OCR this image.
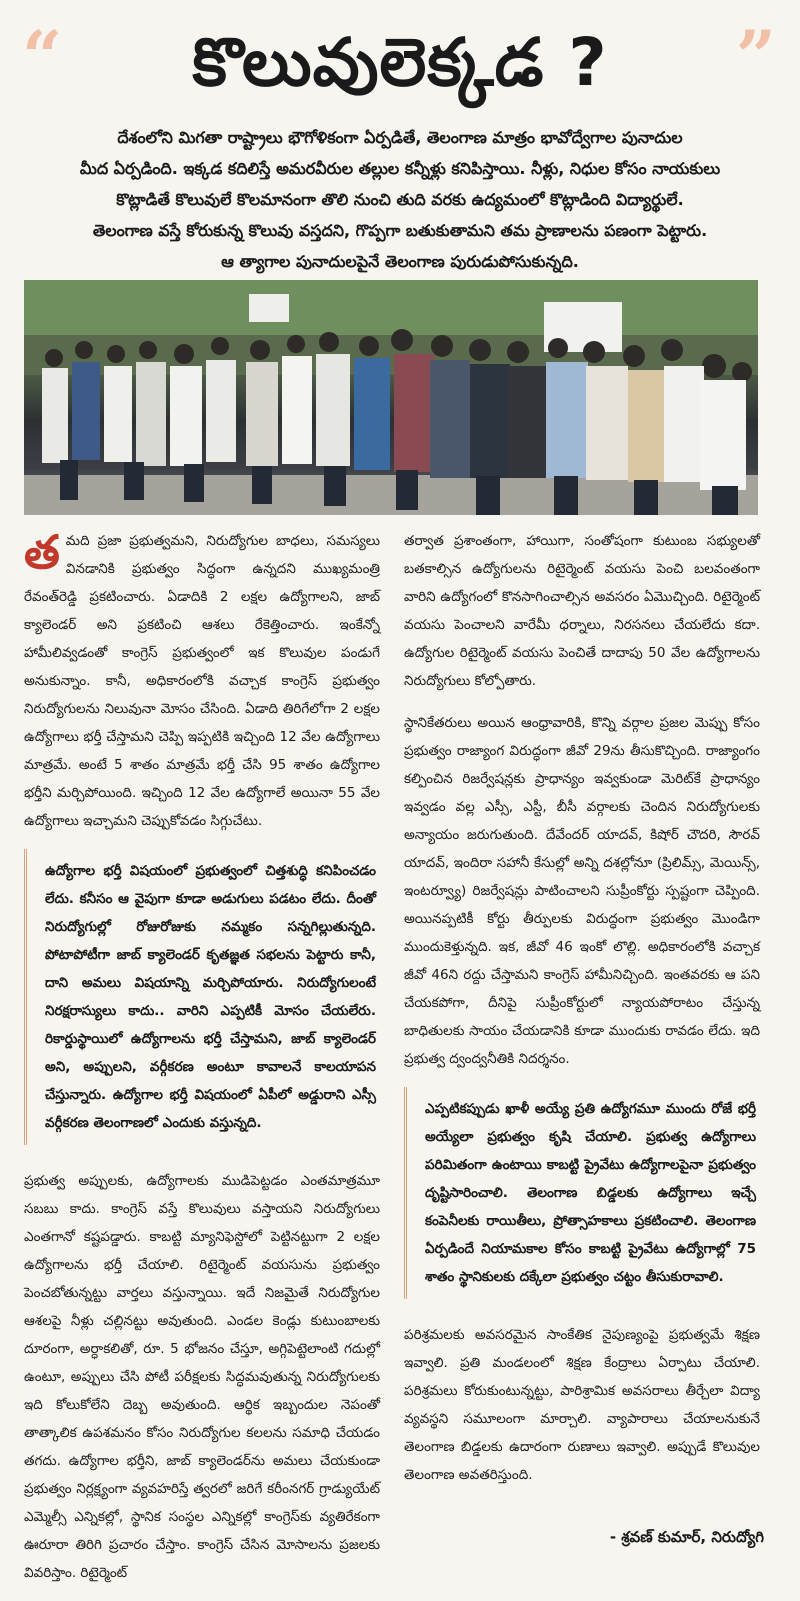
“	కొలువులెక్కడ ?	”

దేశంలోని మిగతా రాష్ట్రాలు భౌగోళికంగా ఏర్పడితే, తెలంగాణ మాత్రం భావోద్వేగాల పునాదుల

మీద ఏర్పడింది. ఇక్కడ కదిలిస్తే అమరవీరుల తల్లుల కన్నీళ్లు కనిపిస్తాయి. నీళ్లు, నిధుల కోసం నాయకులు

కొట్లాడితే కొలువులే కొలమానంగా తొలి నుంచి తుది వరకు ఉద్యమంలో కొట్లాడింది విద్యార్థులే.

తెలంగాణ వస్తే కోరుకున్న కొలువు వస్తదని, గొప్పగా బతుకుతామని తమ ప్రాణాలను పణంగా పెట్టారు.

ఆ త్యాగాల పునాదులపైనే తెలంగాణ పురుడుపోసుకున్నది.

తమది ప్రజా ప్రభుత్వమని, నిరుద్యోగుల బాధలు, సమస్యలు వినడానికి ప్రభుత్వం సిద్ధంగా ఉన్నదని ముఖ్యమంత్రి రేవంత్‌రెడ్డి ప్రకటించారు. ఏడాదికి 2 లక్షల ఉద్యోగాలని, జాబ్ క్యాలెండర్ అని ప్రకటించి ఆశలు రేకెత్తించారు. ఇంకేన్నో హామీలివ్వడంతో కాంగ్రెస్ ప్రభుత్వంలో ఇక కొలువుల పండుగే అనుకున్నాం. కానీ, అధికారంలోకి వచ్చాక కాంగ్రెస్ ప్రభుత్వం నిరుద్యోగులను నిలువునా మోసం చేసింది. ఏడాది తిరిగేలోగా 2 లక్షల ఉద్యోగాలు భర్తీ చేస్తామని చెప్పి ఇప్పటికి ఇచ్చింది 12 వేల ఉద్యోగాలు మాత్రమే. అంటే 5 శాతం మాత్రమే భర్తీ చేసి 95 శాతం ఉద్యోగాల భర్తీని మర్చిపోయింది. ఇచ్చింది 12 వేల ఉద్యోగాలే అయినా 55 వేల ఉద్యోగాలు ఇచ్చామని చెప్పుకోవడం సిగ్గుచేటు.

ఉద్యోగాల భర్తీ విషయంలో ప్రభుత్వంలో చిత్తశుద్ధి కనిపించడం లేదు. కనీసం ఆ వైపుగా కూడా అడుగులు పడటం లేదు. దీంతో నిరుద్యోగుల్లో రోజురోజుకు నమ్మకం సన్నగిల్లుతున్నది. పోటాపోటీగా జాబ్ క్యాలెండర్ కృతజ్ఞత సభలను పెట్టారు కానీ, దాని అమలు విషయాన్ని మర్చిపోయారు. నిరుద్యోగులంటే నిరక్షరాస్యులు కాదు.. వారిని ఎప్పటికీ మోసం చేయలేరు. రికార్డుస్థాయిలో ఉద్యోగాలను భర్తీ చేస్తామని, జాబ్ క్యాలెండర్ అని, అప్పులని, వర్గీకరణ అంటూ కావాలనే కాలయాపన చేస్తున్నారు. ఉద్యోగాల భర్తీ విషయంలో ఏపీలో అడ్డురాని ఎస్సీ వర్గీకరణ తెలంగాణలో ఎందుకు వస్తున్నది.

ప్రభుత్వ అప్పులకు, ఉద్యోగాలకు ముడిపెట్టడం ఎంతమాత్రమూ సబబు కాదు. కాంగ్రెస్ వస్తే కొలువులు వస్తాయని నిరుద్యోగులు ఎంతగానో కష్టపడ్డారు. కాబట్టి మ్యానిఫెస్టోలో పెట్టినట్టుగా 2 లక్షల ఉద్యోగాలను భర్తీ చేయాలి. రిటైర్మెంట్ వయసును ప్రభుత్వం పెంచబోతున్నట్టు వార్తలు వస్తున్నాయి. ఇదే నిజమైతే నిరుద్యోగుల ఆశలపై నీళ్లు చల్లినట్టు అవుతుంది. ఎండల కెండ్లు కుటుంబాలకు దూరంగా, అర్ధాకలితో, రూ. 5 భోజనం చేస్తూ, అగ్గిపెట్టెలాంటి గదుల్లో ఉంటూ, అప్పులు చేసి పోటీ పరీక్షలకు సిద్ధమవుతున్న నిరుద్యోగులకు ఇది కోలుకోలేని దెబ్బ అవుతుంది. ఆర్థిక ఇబ్బందుల నెపంతో తాత్కాలిక ఉపశమనం కోసం నిరుద్యోగుల కలలను సమాధి చేయడం తగదు. ఉద్యోగాల భర్తీని, జాబ్ క్యాలెండర్‌ను అమలు చేయకుండా ప్రభుత్వం నిర్లక్ష్యంగా వ్యవహరిస్తే త్వరలో జరిగే కరీంనగర్ గ్రాడ్యుయేట్ ఎమ్మెల్సీ ఎన్నికల్లో, స్థానిక సంస్థల ఎన్నికల్లో కాంగ్రెస్‌కు వ్యతిరేకంగా ఊరూరా తిరిగి ప్రచారం చేస్తాం. కాంగ్రెస్ చేసిన మోసాలను ప్రజలకు వివరిస్తాం. రిటైర్మెంట్

తర్వాత ప్రశాంతంగా, హాయిగా, సంతోషంగా కుటుంబ సభ్యులతో బతకాల్సిన ఉద్యోగులను రిటైర్మెంట్ వయసు పెంచి బలవంతంగా వారిని ఉద్యోగంలో కొనసాగించాల్సిన అవసరం ఏమొచ్చింది. రిటైర్మెంట్ వయసు పెంచాలని వారేమీ ధర్నాలు, నిరసనలు చేయలేదు కదా. ఉద్యోగుల రిటైర్మెంట్ వయసు పెంచితే దాదాపు 50 వేల ఉద్యోగాలను నిరుద్యోగులు కోల్పోతారు.

స్థానికేతరులు అయిన ఆంధ్రావారికి, కొన్ని వర్గాల ప్రజల మెప్పు కోసం ప్రభుత్వం రాజ్యాంగ విరుద్ధంగా జీవో 29ను తీసుకొచ్చింది. రాజ్యాంగం కల్పించిన రిజర్వేషన్లకు ప్రాధాన్యం ఇవ్వకుండా మెరిట్‌కే ప్రాధాన్యం ఇవ్వడం వల్ల ఎస్సీ, ఎస్టీ, బీసీ వర్గాలకు చెందిన నిరుద్యోగులకు అన్యాయం జరుగుతుంది. దేవేందర్ యాదవ్, కిషోర్ చౌదరి, సౌరవ్ యాదవ్, ఇందిరా సహానీ కేసుల్లో అన్ని దశల్లోనూ (ప్రిలిమ్స్, మెయిన్స్, ఇంటర్వ్యూ) రిజర్వేషన్లు పాటించాలని సుప్రీంకోర్టు స్పష్టంగా చెప్పింది. అయినప్పటికీ కోర్టు తీర్పులకు విరుద్ధంగా ప్రభుత్వం మొండిగా ముందుకెళ్తున్నది. ఇక, జీవో 46 ఇంకో లొల్లి. అధికారంలోకి వచ్చాక జీవో 46ని రద్దు చేస్తామని కాంగ్రెస్ హామీనిచ్చింది. ఇంతవరకు ఆ పని చేయకపోగా, దీనిపై సుప్రీంకోర్టులో న్యాయపోరాటం చేస్తున్న బాధితులకు సాయం చేయడానికి కూడా ముందుకు రావడం లేదు. ఇది ప్రభుత్వ ద్వంద్వనీతికి నిదర్శనం.

ఎప్పటికప్పుడు ఖాళీ అయ్యే ప్రతి ఉద్యోగమూ ముందు రోజే భర్తీ అయ్యేలా ప్రభుత్వం కృషి చేయాలి. ప్రభుత్వ ఉద్యోగాలు పరిమితంగా ఉంటాయి కాబట్టి ప్రైవేటు ఉద్యోగాలపైనా ప్రభుత్వం దృష్టిసారించాలి. తెలంగాణ బిడ్డలకు ఉద్యోగాలు ఇచ్చే కంపెనీలకు రాయితీలు, ప్రోత్సాహకాలు ప్రకటించాలి. తెలంగాణ ఏర్పడిందే నియామకాల కోసం కాబట్టి ప్రైవేటు ఉద్యోగాల్లో 75 శాతం స్థానికులకు దక్కేలా ప్రభుత్వం చట్టం తీసుకురావాలి.

పరిశ్రమలకు అవసరమైన సాంకేతిక నైపుణ్యంపై ప్రభుత్వమే శిక్షణ ఇవ్వాలి. ప్రతి మండలంలో శిక్షణ కేంద్రాలు ఏర్పాటు చేయాలి. పరిశ్రమలు కోరుకుంటున్నట్టు, పారిశ్రామిక అవసరాలు తీర్చేలా విద్యా వ్యవస్థని సమూలంగా మార్చాలి. వ్యాపారాలు చేయాలనుకునే తెలంగాణ బిడ్డలకు ఉదారంగా రుణాలు ఇవ్వాలి. అప్పుడే కొలువుల తెలంగాణ అవతరిస్తుంది.

- శ్రవణ్ కుమార్, నిరుద్యోగి
